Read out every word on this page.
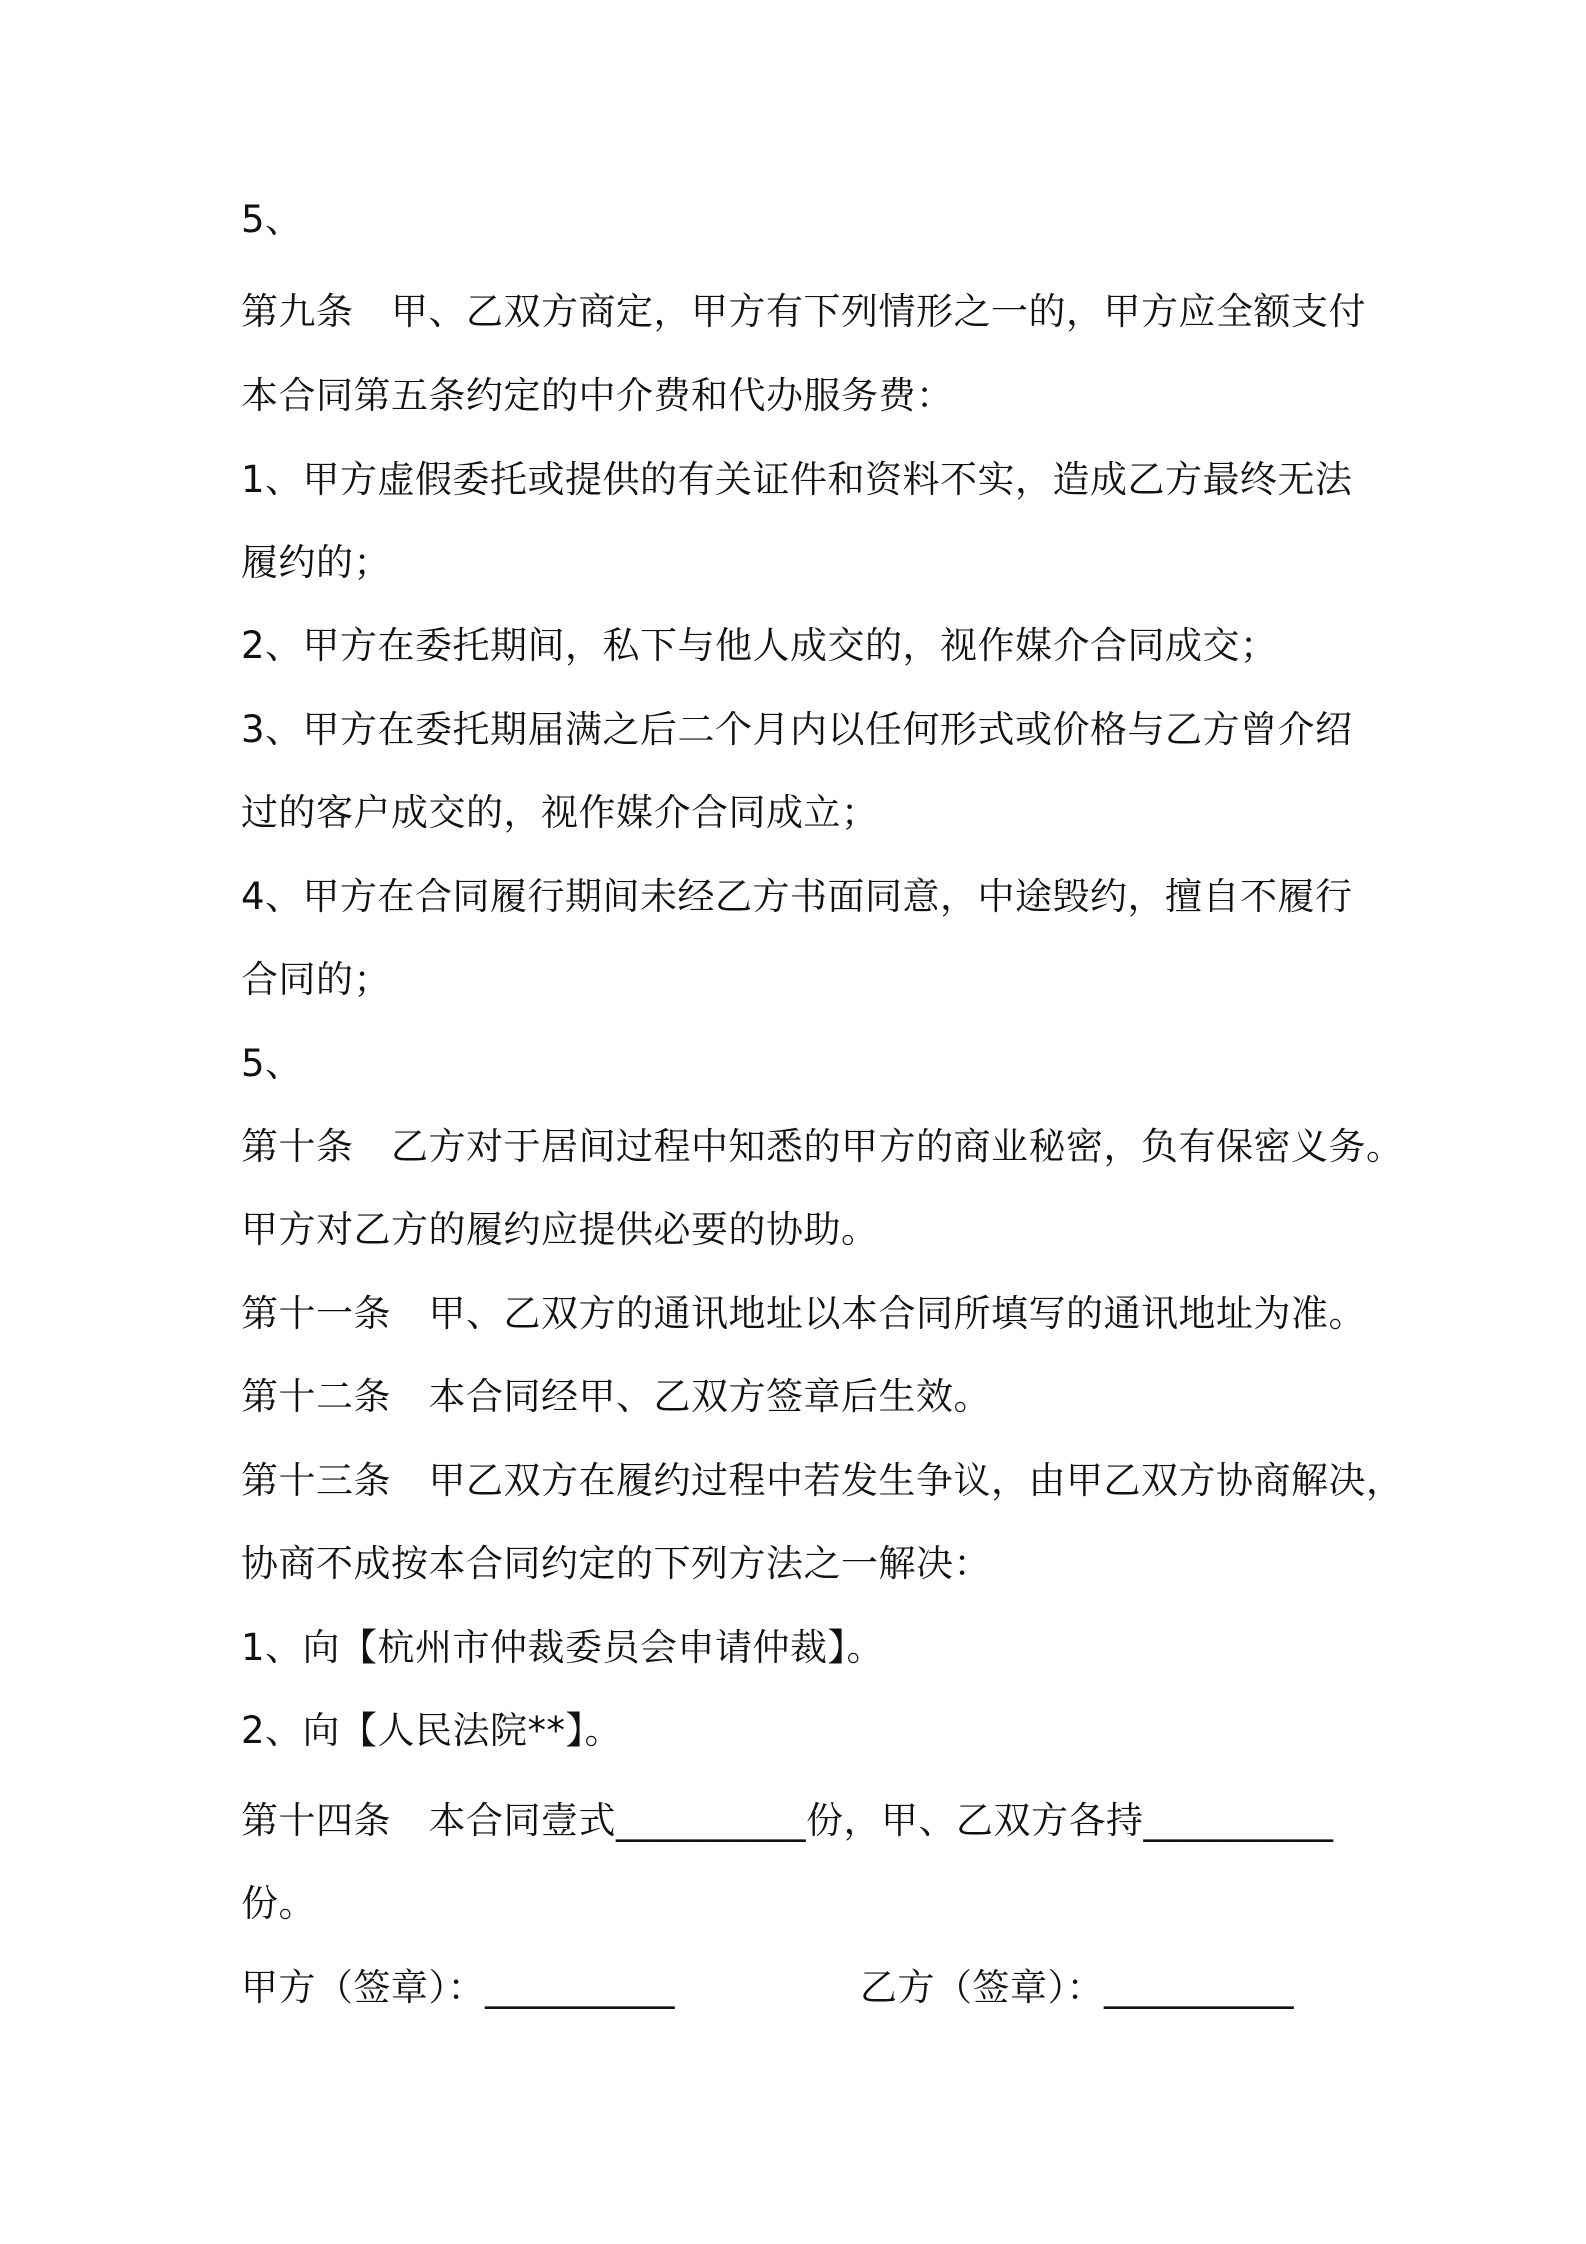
5、
第九条　甲、乙双方商定，甲方有下列情形之一的，甲方应全额支付
本合同第五条约定的中介费和代办服务费：
1、甲方虚假委托或提供的有关证件和资料不实，造成乙方最终无法
履约的；
2、甲方在委托期间，私下与他人成交的，视作媒介合同成交；
3、甲方在委托期届满之后二个月内以任何形式或价格与乙方曾介绍
过的客户成交的，视作媒介合同成立；
4、甲方在合同履行期间未经乙方书面同意，中途毁约，擅自不履行
合同的；
5、
第十条　乙方对于居间过程中知悉的甲方的商业秘密，负有保密义务。
甲方对乙方的履约应提供必要的协助。
第十一条　甲、乙双方的通讯地址以本合同所填写的通讯地址为准。
第十二条　本合同经甲、乙双方签章后生效。
第十三条　甲乙双方在履约过程中若发生争议，由甲乙双方协商解决，
协商不成按本合同约定的下列方法之一解决：
1、向【杭州市仲裁委员会申请仲裁】。
2、向【人民法院**】。
第十四条　本合同壹式__________份，甲、乙双方各持__________
份。
甲方（签章）：__________	乙方（签章）：__________
